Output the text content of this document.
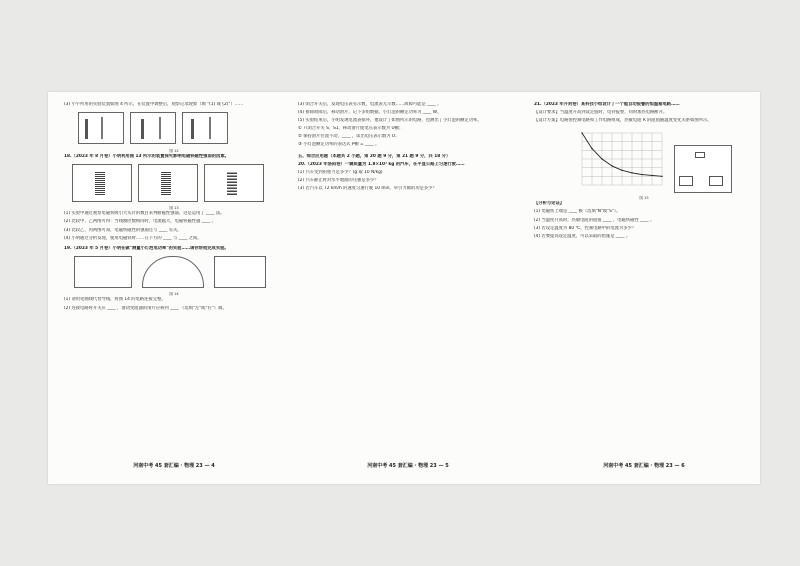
(3) 小宇所用的实验装置如图 4 所示，在装置中调整后，观察记录现象（填 "(1) 或 (2)"）……

图 12

18.（2023 年 8 月卷）小明利用图 13 所示的装置探究影响电磁铁磁性强弱的因素。

图 13

(1) 实验中通过观察电磁铁吸引大头针的数目来判断磁性强弱，这是运用了 ____ 法。

(2) 比较甲、乙两图可得：当线圈匝数相同时，电流越大，电磁铁磁性越 ____ 。

(3) 比较乙、丙两图可知，电磁铁磁性的强弱还与 ____ 有关。

(4) 小明通过分析发现，使用电磁铁时……在下方的 ____ 与 ____ 之间。

19.（2023 年 5 月卷）小明在做"测量小灯泡电功率"的实验……请你帮他完成实验。

图 14

(1) 请用笔画线代替导线，将图 14 的电路连接完整。

(2) 连接电路时开关应 ____ ，滑动变阻器的滑片应移到 ____ （选填"左"或"右"）端。

河南中考 45 套汇编 · 物理 23 — 4

(3) 闭合开关后，发现电压表有示数，电流表无示数……故障可能是 ____ 。

(4) 排除故障后，移动滑片，记下多组数据，小灯泡的额定功率为 ____ W。

(5) 实验结束后，小明发现电流表损坏，他设计了如图所示的电路，也测出了小灯泡的额定功率。

① 只闭合开关 S、S1，移动滑片使电压表示数为 U额；

② 保持滑片位置不动，____ ，读出电压表示数为 U；

③ 小灯泡额定功率的表达式 P额 = ____ 。

五、综合应用题（本题共 2 小题，第 20 题 9 分，第 21 题 9 分，共 18 分）

20.（2023 年洛阳卷）一辆质量为 1.8×10³ kg 的汽车，在平直公路上匀速行驶……

(1) 汽车受到的重力是多少？(g 取 10 N/kg)

(2) 汽车静止时对水平地面的压强是多少？

(3) 若汽车以 72 km/h 的速度匀速行驶 10 min，牵引力做的功是多少？

河南中考 45 套汇编 · 物理 23 — 5

21.（2023 年开封卷）某科技小组设计了一个能自动报警的恒温箱电路……

【设计要求】当温度升高到设定值时，电铃报警，同时加热电路断开。

【设计方案】电路由控制电路和工作电路组成，热敏电阻 R 的阻值随温度变化关系如图所示。

图 15

【分析与论证】

(1) 电磁铁上端是 ____ 极（选填"N"或"S"）。

(2) 当温度升高时，热敏电阻的阻值 ____ ，电磁铁磁性 ____ 。

(3) 若设定温度为 80 ℃，控制电路中的电流为多少？

(4) 若要提高设定温度，可以采取的措施是 ____ 。

河南中考 45 套汇编 · 物理 23 — 6
